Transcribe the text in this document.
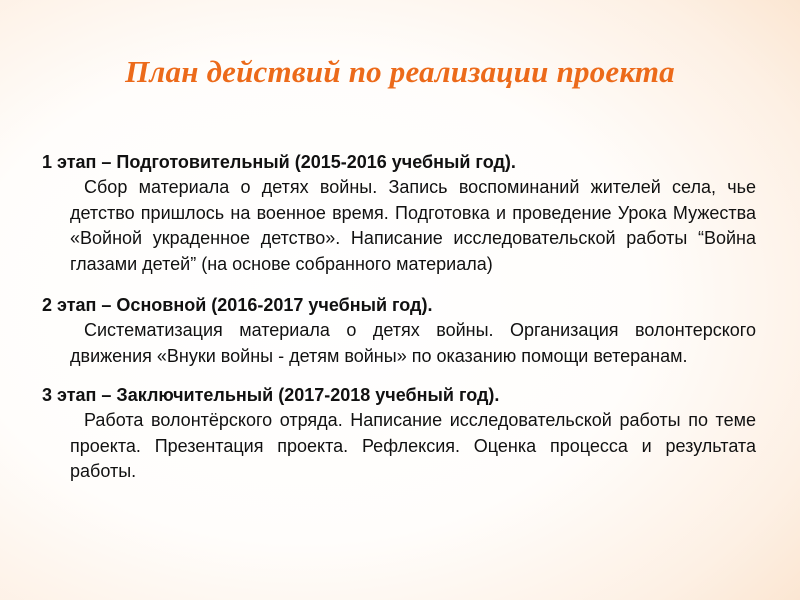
План действий по реализации проекта

1 этап – Подготовительный (2015-2016 учебный год).

Сбор материала о детях войны. Запись воспоминаний жителей села, чье детство пришлось на военное время. Подготовка и проведение Урока Мужества «Войной украденное детство». Написание исследовательской работы “Война глазами детей” (на основе собранного материала)

2 этап – Основной (2016-2017 учебный год).

Систематизация материала о детях войны. Организация волонтерского движения «Внуки войны - детям войны» по оказанию помощи ветеранам.

3 этап – Заключительный (2017-2018 учебный год).

Работа волонтёрского отряда. Написание исследовательской работы по теме проекта. Презентация проекта. Рефлексия. Оценка процесса и результата работы.
